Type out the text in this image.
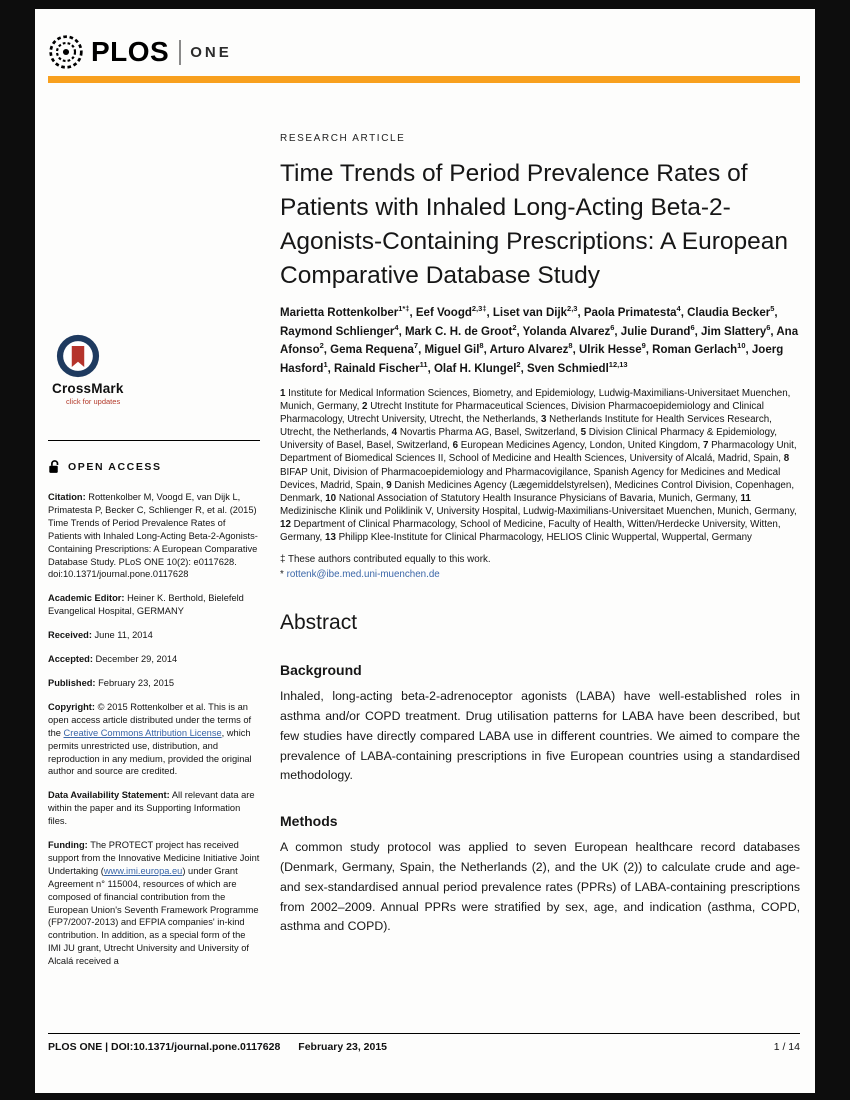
PLOS ONE
CrossMark
click for updates
OPEN ACCESS

Citation: Rottenkolber M, Voogd E, van Dijk L, Primatesta P, Becker C, Schlienger R, et al. (2015) Time Trends of Period Prevalence Rates of Patients with Inhaled Long-Acting Beta-2-Agonists-Containing Prescriptions: A European Comparative Database Study. PLoS ONE 10(2): e0117628. doi:10.1371/journal.pone.0117628

Academic Editor: Heiner K. Berthold, Bielefeld Evangelical Hospital, GERMANY

Received: June 11, 2014

Accepted: December 29, 2014

Published: February 23, 2015

Copyright: © 2015 Rottenkolber et al. This is an open access article distributed under the terms of the Creative Commons Attribution License, which permits unrestricted use, distribution, and reproduction in any medium, provided the original author and source are credited.

Data Availability Statement: All relevant data are within the paper and its Supporting Information files.

Funding: The PROTECT project has received support from the Innovative Medicine Initiative Joint Undertaking (www.imi.europa.eu) under Grant Agreement n° 115004, resources of which are composed of financial contribution from the European Union's Seventh Framework Programme (FP7/2007-2013) and EFPIA companies' in-kind contribution. In addition, as a special form of the IMI JU grant, Utrecht University and University of Alcalá received a

RESEARCH ARTICLE
Time Trends of Period Prevalence Rates of Patients with Inhaled Long-Acting Beta-2-Agonists-Containing Prescriptions: A European Comparative Database Study

Marietta Rottenkolber$^{1*\ddagger}$, Eef Voogd$^{2,3\ddagger}$, Liset van Dijk$^{2,3}$, Paola Primatesta$^4$, Claudia Becker$^5$, Raymond Schlienger$^4$, Mark C. H. de Groot$^2$, Yolanda Alvarez$^6$, Julie Durand$^6$, Jim Slattery$^6$, Ana Afonso$^2$, Gema Requena$^7$, Miguel Gil$^8$, Arturo Alvarez$^8$, Ulrik Hesse$^9$, Roman Gerlach$^{10}$, Joerg Hasford$^1$, Rainald Fischer$^{11}$, Olaf H. Klungel$^2$, Sven Schmiedl$^{12,13}$

1 Institute for Medical Information Sciences, Biometry, and Epidemiology, Ludwig-Maximilians-Universitaet Muenchen, Munich, Germany, 2 Utrecht Institute for Pharmaceutical Sciences, Division Pharmacoepidemiology and Clinical Pharmacology, Utrecht University, Utrecht, the Netherlands, 3 Netherlands Institute for Health Services Research, Utrecht, the Netherlands, 4 Novartis Pharma AG, Basel, Switzerland, 5 Division Clinical Pharmacy & Epidemiology, University of Basel, Basel, Switzerland, 6 European Medicines Agency, London, United Kingdom, 7 Pharmacology Unit, Department of Biomedical Sciences II, School of Medicine and Health Sciences, University of Alcalá, Madrid, Spain, 8 BIFAP Unit, Division of Pharmacoepidemiology and Pharmacovigilance, Spanish Agency for Medicines and Medical Devices, Madrid, Spain, 9 Danish Medicines Agency (Lægemiddelstyrelsen), Medicines Control Division, Copenhagen, Denmark, 10 National Association of Statutory Health Insurance Physicians of Bavaria, Munich, Germany, 11 Medizinische Klinik und Poliklinik V, University Hospital, Ludwig-Maximilians-Universitaet Muenchen, Munich, Germany, 12 Department of Clinical Pharmacology, School of Medicine, Faculty of Health, Witten/Herdecke University, Witten, Germany, 13 Philipp Klee-Institute for Clinical Pharmacology, HELIOS Clinic Wuppertal, Wuppertal, Germany

‡ These authors contributed equally to this work.

* rottenk@ibe.med.uni-muenchen.de

Abstract
Background

Inhaled, long-acting beta-2-adrenoceptor agonists (LABA) have well-established roles in asthma and/or COPD treatment. Drug utilisation patterns for LABA have been described, but few studies have directly compared LABA use in different countries. We aimed to compare the prevalence of LABA-containing prescriptions in five European countries using a standardised methodology.

Methods

A common study protocol was applied to seven European healthcare record databases (Denmark, Germany, Spain, the Netherlands (2), and the UK (2)) to calculate crude and age- and sex-standardised annual period prevalence rates (PPRs) of LABA-containing prescriptions from 2002–2009. Annual PPRs were stratified by sex, age, and indication (asthma, COPD, asthma and COPD).

PLOS ONE | DOI:10.1371/journal.pone.0117628 February 23, 2015	1 / 14
